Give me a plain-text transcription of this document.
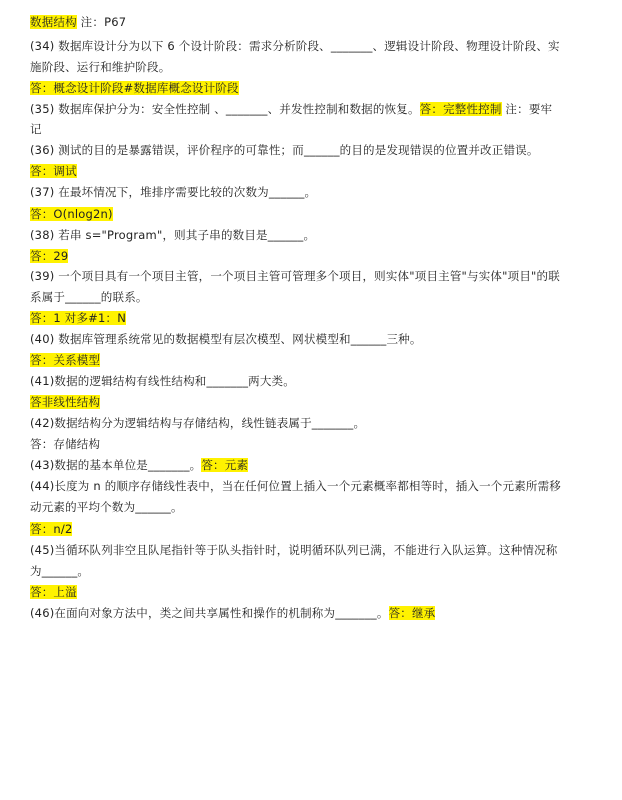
数据结构 注：P67
(34) 数据库设计分为以下 6 个设计阶段：需求分析阶段、_______、逻辑设计阶段、物理设计阶段、实
施阶段、运行和维护阶段。
答：概念设计阶段#数据库概念设计阶段
(35) 数据库保护分为：安全性控制 、_______、并发性控制和数据的恢复。答：完整性控制 注：要牢
记
(36) 测试的目的是暴露错误，评价程序的可靠性；而______的目的是发现错误的位置并改正错误。
答：调试
(37) 在最坏情况下，堆排序需要比较的次数为______。
答：O(nlog2n)
(38) 若串 s="Program"，则其子串的数目是______。
答：29
(39) 一个项目具有一个项目主管，一个项目主管可管理多个项目，则实体"项目主管"与实体"项目"的联
系属于______的联系。
答：1 对多#1：N
(40) 数据库管理系统常见的数据模型有层次模型、网状模型和______三种。
答：关系模型
(41)数据的逻辑结构有线性结构和_______两大类。
答非线性结构
(42)数据结构分为逻辑结构与存储结构，线性链表属于_______。
答：存储结构
(43)数据的基本单位是_______。答：元素
(44)长度为 n 的顺序存储线性表中，当在任何位置上插入一个元素概率都相等时，插入一个元素所需移
动元素的平均个数为______。
答：n/2
(45)当循环队列非空且队尾指针等于队头指针时，说明循环队列已满，不能进行入队运算。这种情况称
为______。
答：上溢
(46)在面向对象方法中，类之间共享属性和操作的机制称为_______。答：继承
